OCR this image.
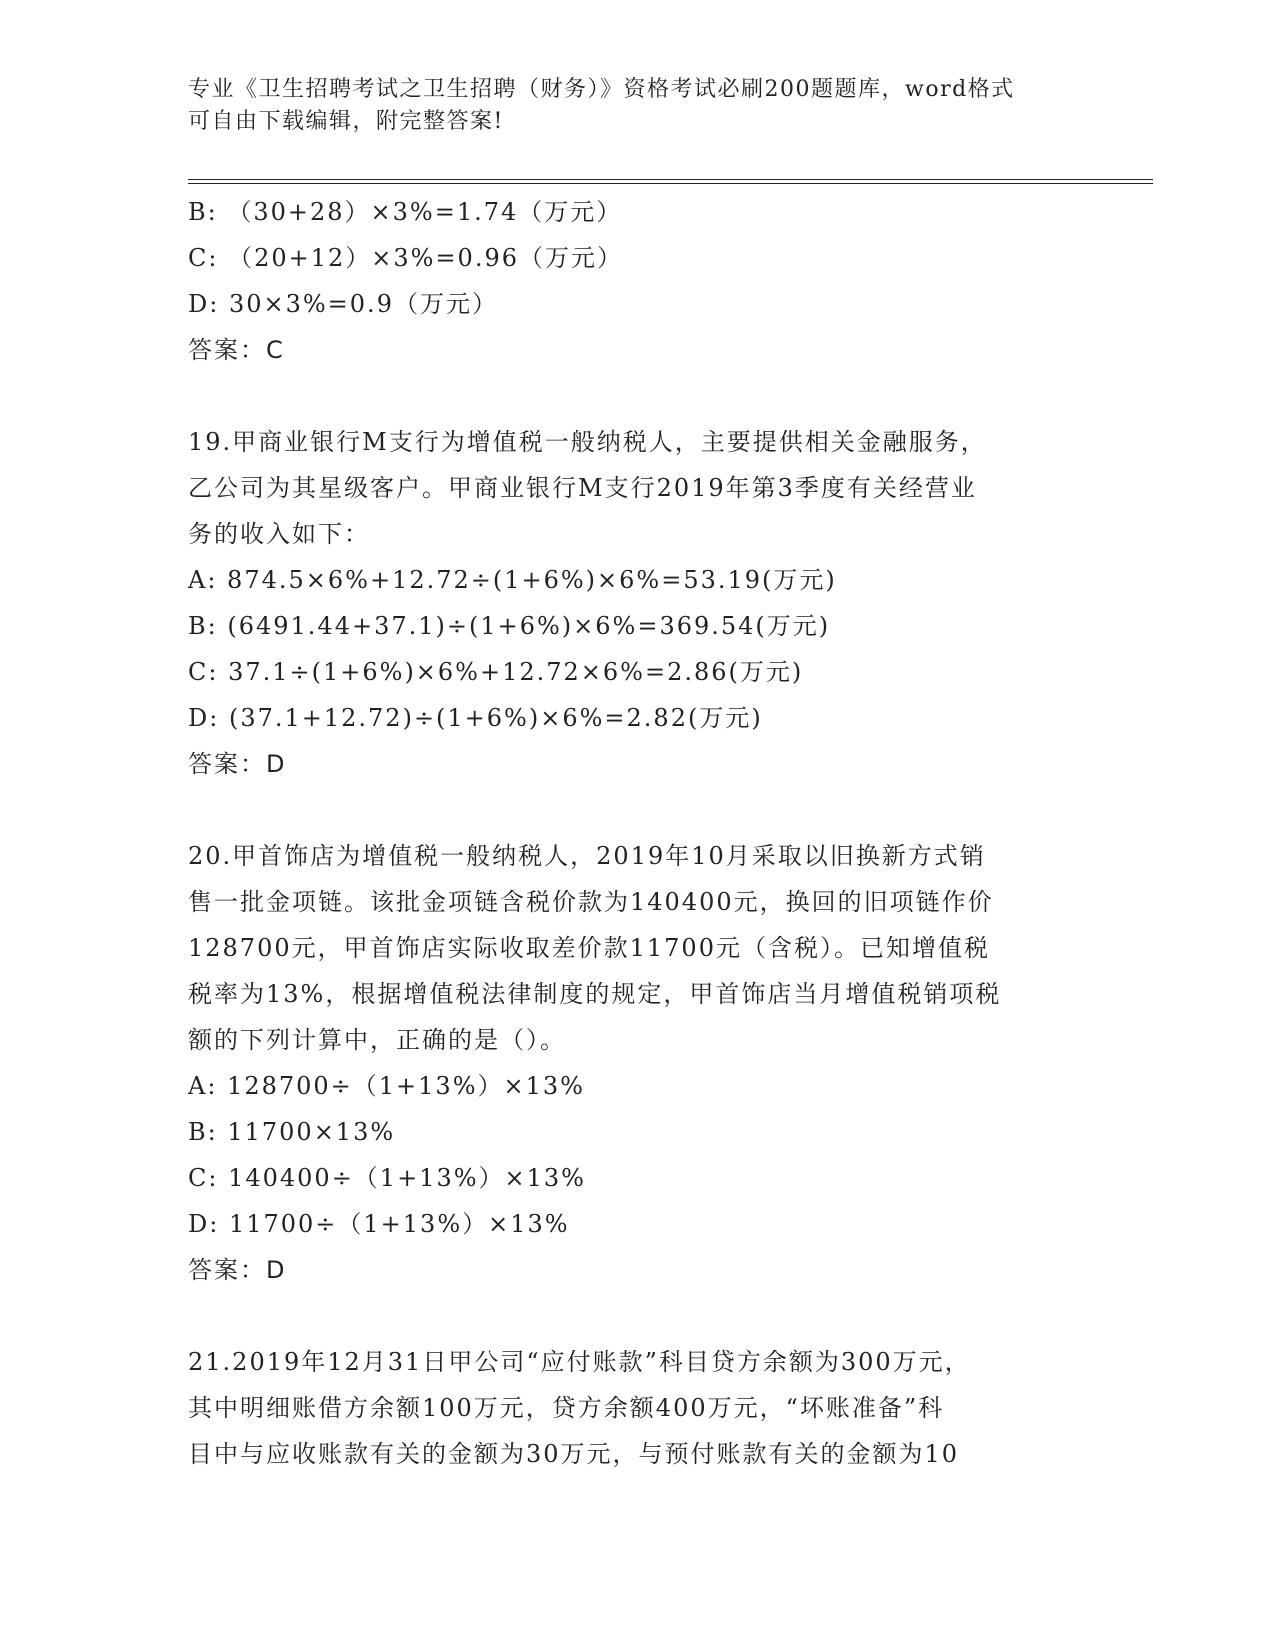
专业《卫生招聘考试之卫生招聘（财务）》资格考试必刷200题题库，word格式
可自由下载编辑，附完整答案!
B: （30+28）×3%=1.74（万元）
C: （20+12）×3%=0.96（万元）
D: 30×3%=0.9（万元）
答案：C
19.甲商业银行M支行为增值税一般纳税人，主要提供相关金融服务，
乙公司为其星级客户。甲商业银行M支行2019年第3季度有关经营业
务的收入如下：
A: 874.5×6%+12.72÷(1+6%)×6%=53.19(万元)
B: (6491.44+37.1)÷(1+6%)×6%=369.54(万元)
C: 37.1÷(1+6%)×6%+12.72×6%=2.86(万元)
D: (37.1+12.72)÷(1+6%)×6%=2.82(万元)
答案：D
20.甲首饰店为增值税一般纳税人，2019年10月采取以旧换新方式销
售一批金项链。该批金项链含税价款为140400元，换回的旧项链作价
128700元，甲首饰店实际收取差价款11700元（含税）。已知增值税
税率为13%，根据增值税法律制度的规定，甲首饰店当月增值税销项税
额的下列计算中，正确的是（）。
A: 128700÷（1+13%）×13%
B: 11700×13%
C: 140400÷（1+13%）×13%
D: 11700÷（1+13%）×13%
答案：D
21.2019年12月31日甲公司“应付账款”科目贷方余额为300万元，
其中明细账借方余额100万元，贷方余额400万元，“坏账准备”科
目中与应收账款有关的金额为30万元，与预付账款有关的金额为10
